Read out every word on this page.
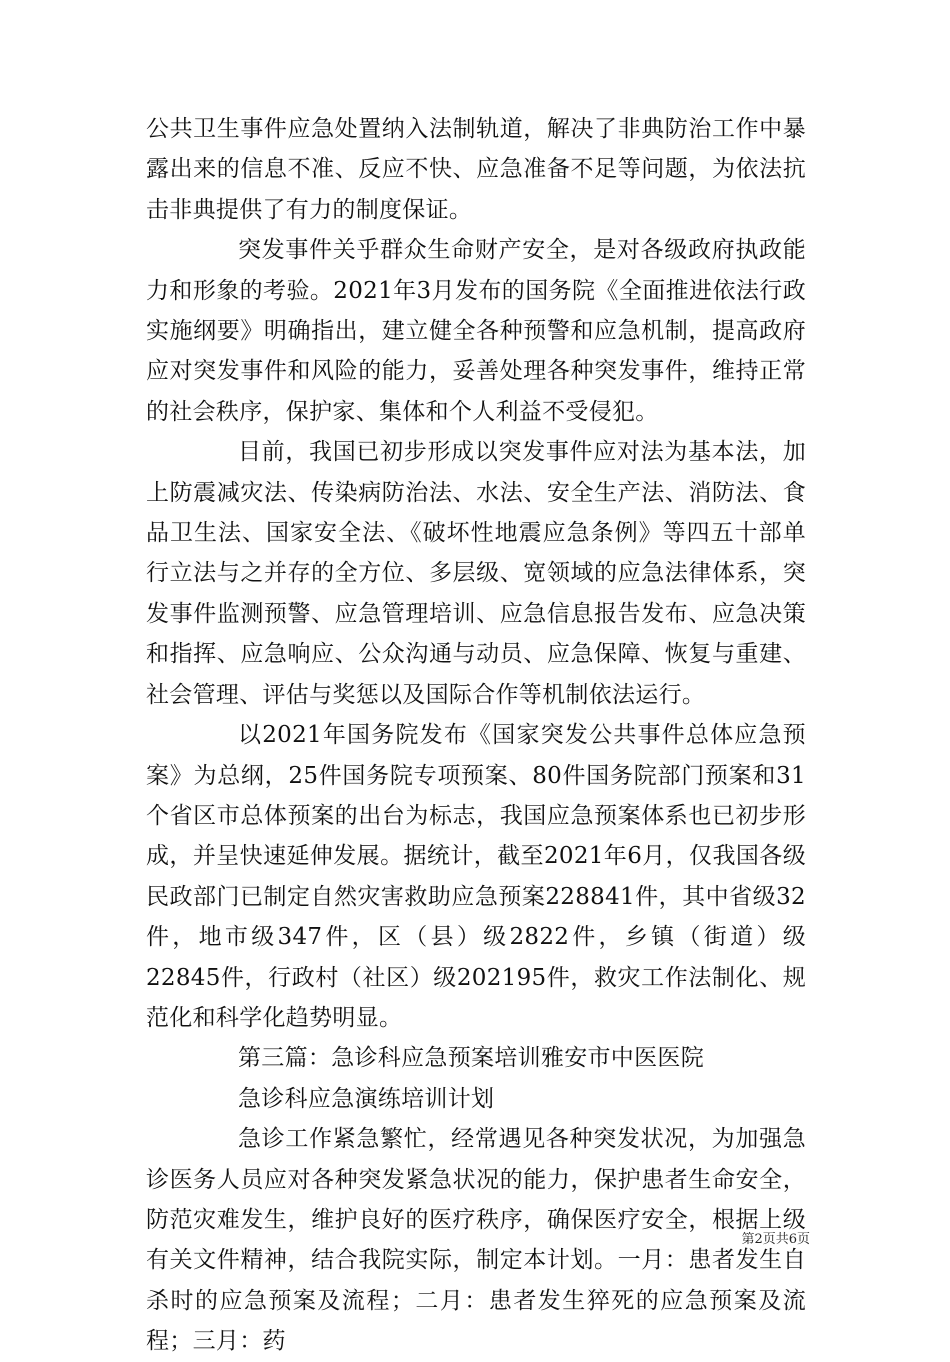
公共卫生事件应急处置纳入法制轨道，解决了非典防治工作中暴露出来的信息不准、反应不快、应急准备不足等问题，为依法抗击非典提供了有力的制度保证。

突发事件关乎群众生命财产安全，是对各级政府执政能力和形象的考验。2021年3月发布的国务院《全面推进依法行政实施纲要》明确指出，建立健全各种预警和应急机制，提高政府应对突发事件和风险的能力，妥善处理各种突发事件，维持正常的社会秩序，保护家、集体和个人利益不受侵犯。

目前，我国已初步形成以突发事件应对法为基本法，加上防震减灾法、传染病防治法、水法、安全生产法、消防法、食品卫生法、国家安全法、《破坏性地震应急条例》等四五十部单行立法与之并存的全方位、多层级、宽领域的应急法律体系，突发事件监测预警、应急管理培训、应急信息报告发布、应急决策和指挥、应急响应、公众沟通与动员、应急保障、恢复与重建、社会管理、评估与奖惩以及国际合作等机制依法运行。

以2021年国务院发布《国家突发公共事件总体应急预案》为总纲，25件国务院专项预案、80件国务院部门预案和31个省区市总体预案的出台为标志，我国应急预案体系也已初步形成，并呈快速延伸发展。据统计，截至2021年6月，仅我国各级民政部门已制定自然灾害救助应急预案228841件，其中省级32件，地市级347件，区（县）级2822件，乡镇（街道）级22845件，行政村（社区）级202195件，救灾工作法制化、规范化和科学化趋势明显。

第三篇：急诊科应急预案培训雅安市中医医院

急诊科应急演练培训计划

急诊工作紧急繁忙，经常遇见各种突发状况，为加强急诊医务人员应对各种突发紧急状况的能力，保护患者生命安全，防范灾难发生，维护良好的医疗秩序，确保医疗安全，根据上级有关文件精神，结合我院实际，制定本计划。一月：患者发生自杀时的应急预案及流程；二月：患者发生猝死的应急预案及流程；三月：药

第2页共6页
